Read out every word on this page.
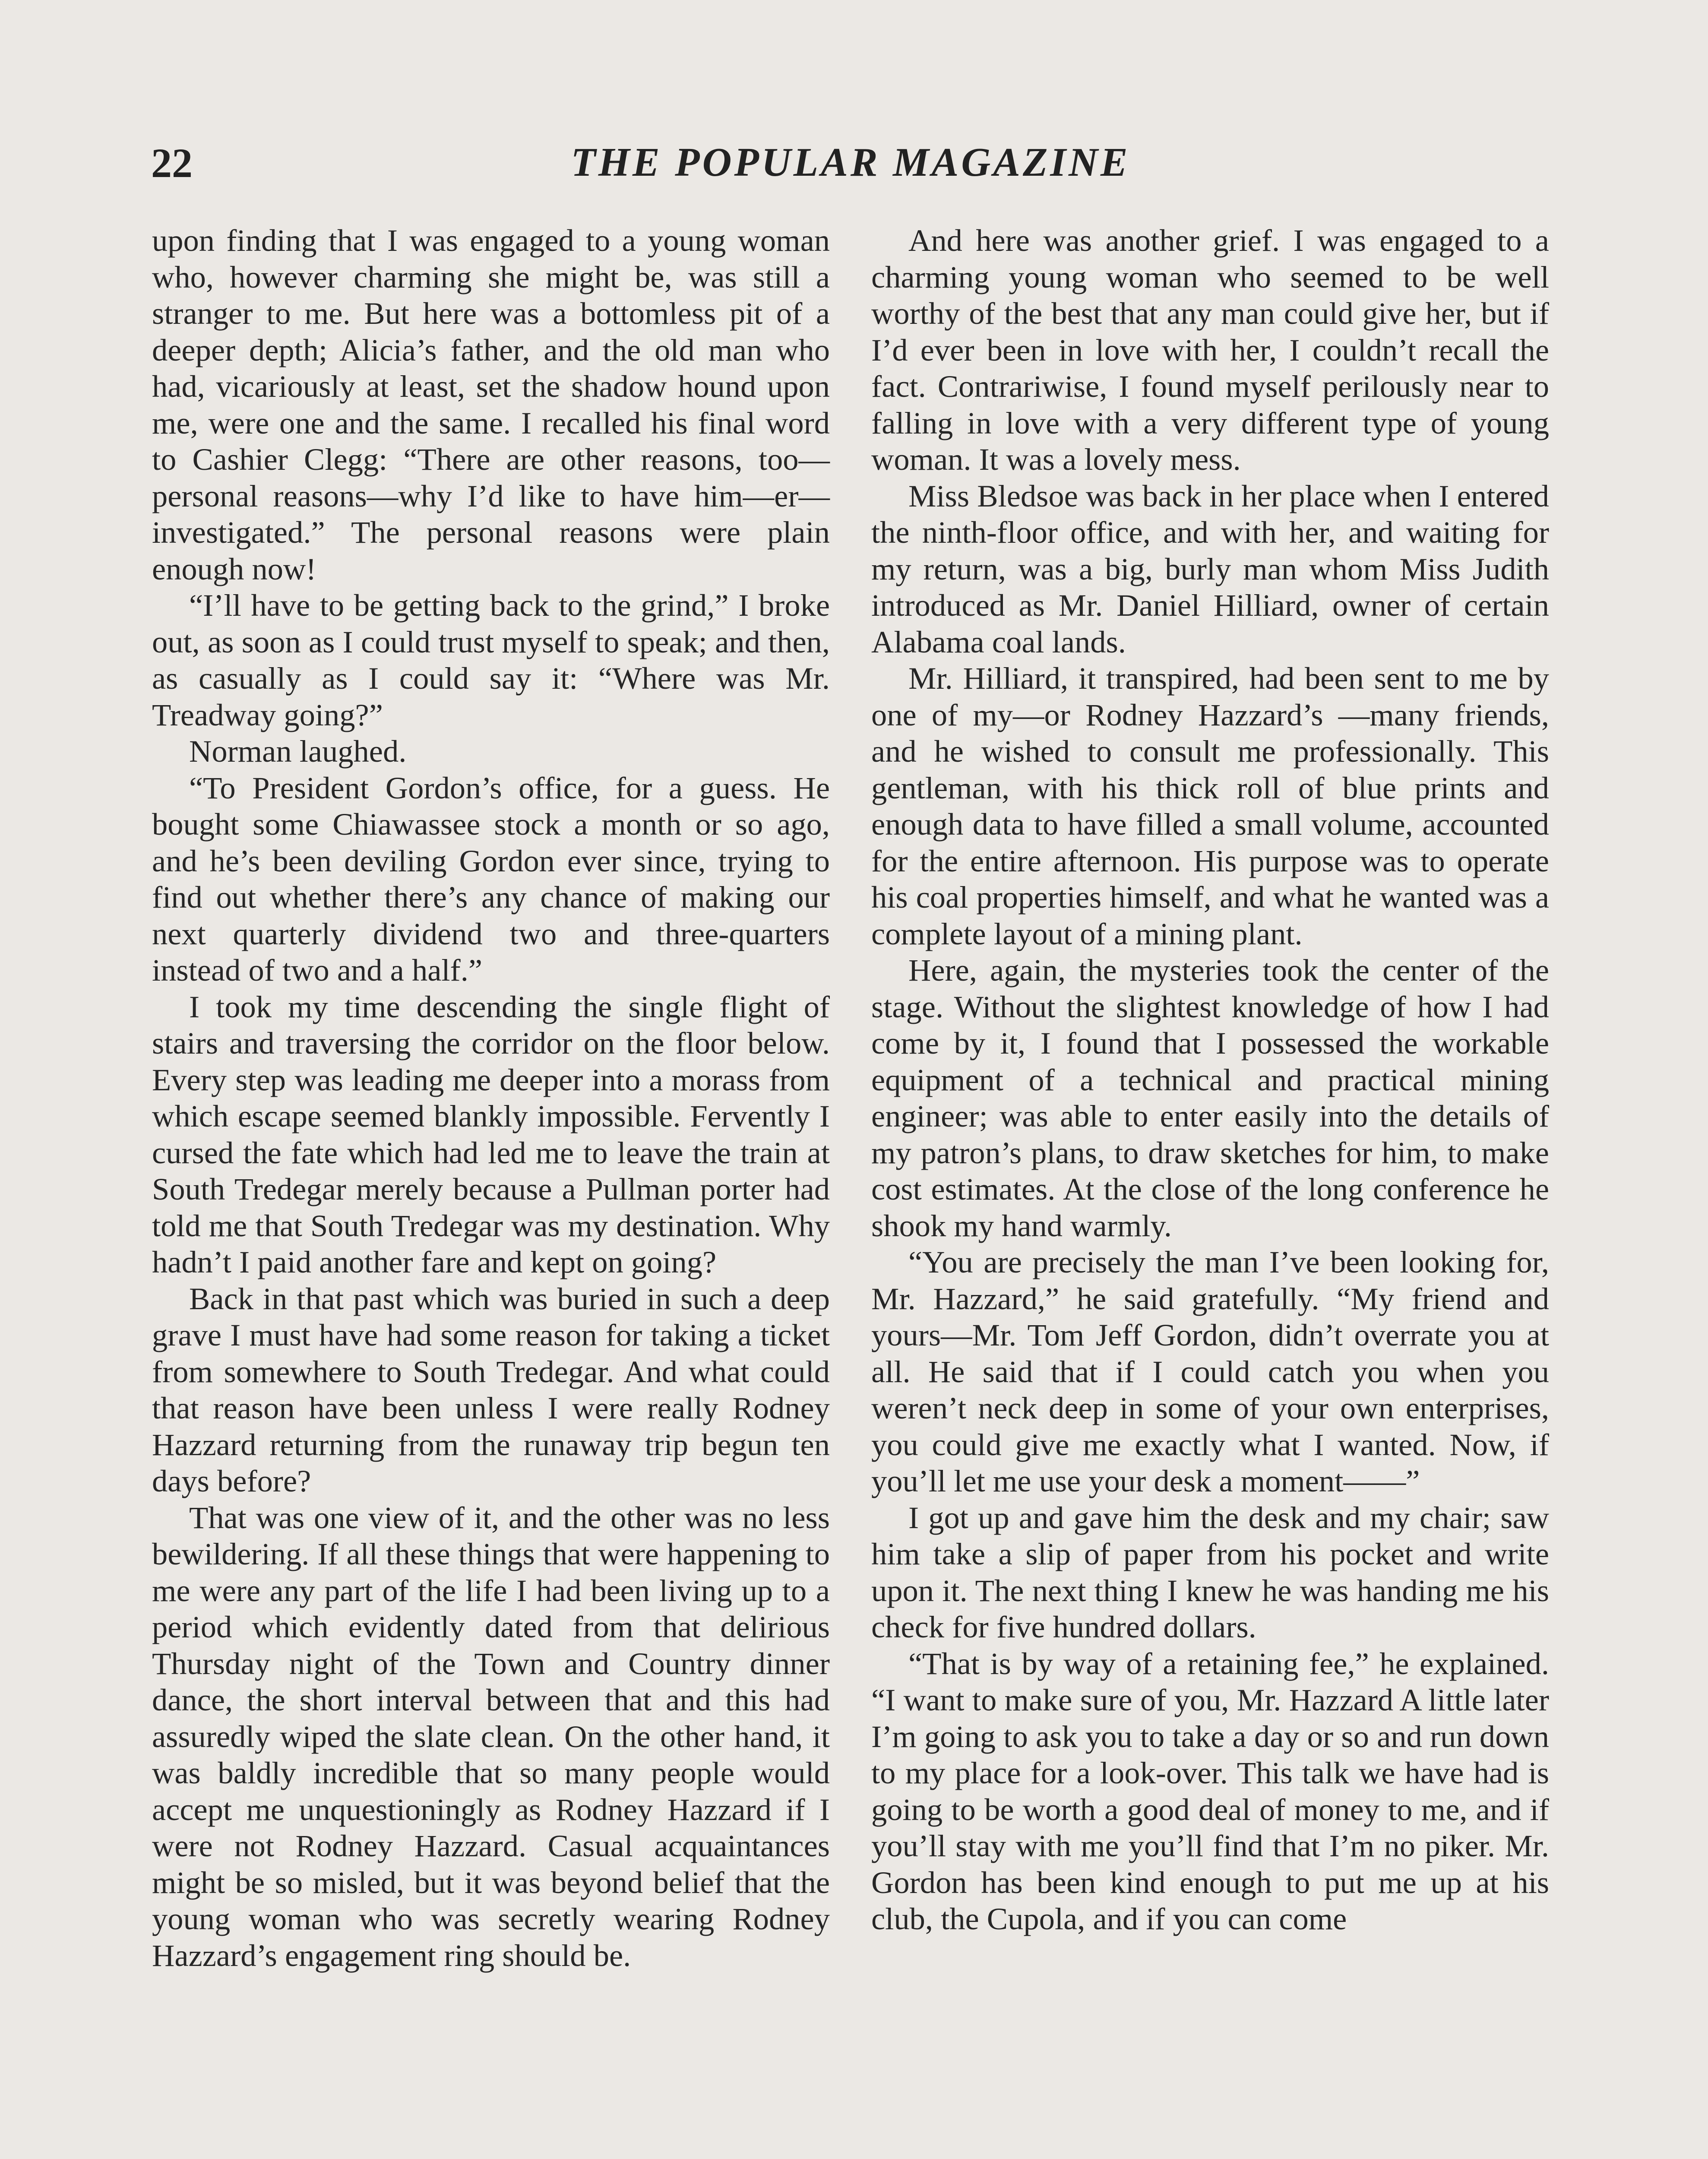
22	THE POPULAR MAGAZINE

upon finding that I was engaged to a young woman who, however charming she might be, was still a stranger to me. But here was a bottomless pit of a deeper depth; Alicia’s father, and the old man who had, vicariously at least, set the shadow hound upon me, were one and the same. I recalled his final word to Cashier Clegg: “There are other reasons, too—personal reasons—why I’d like to have him—er—investigated.” The personal reasons were plain enough now!

“I’ll have to be getting back to the grind,” I broke out, as soon as I could trust myself to speak; and then, as casually as I could say it: “Where was Mr. Treadway going?”

Norman laughed.

“To President Gordon’s office, for a guess. He bought some Chiawassee stock a month or so ago, and he’s been deviling Gordon ever since, trying to find out whether there’s any chance of making our next quarterly dividend two and three-quarters instead of two and a half.”

I took my time descending the single flight of stairs and traversing the corridor on the floor below. Every step was leading me deeper into a morass from which escape seemed blankly impossible. Fervently I cursed the fate which had led me to leave the train at South Tredegar merely because a Pullman porter had told me that South Tredegar was my destination. Why hadn’t I paid another fare and kept on going?

Back in that past which was buried in such a deep grave I must have had some reason for taking a ticket from somewhere to South Tredegar. And what could that reason have been unless I were really Rodney Hazzard returning from the runaway trip begun ten days before?

That was one view of it, and the other was no less bewildering. If all these things that were happening to me were any part of the life I had been living up to a period which evidently dated from that delirious Thursday night of the Town and Country dinner dance, the short interval between that and this had assuredly wiped the slate clean. On the other hand, it was baldly incredible that so many people would accept me unquestioningly as Rodney Hazzard if I were not Rodney Hazzard. Casual acquaintances might be so misled, but it was beyond belief that the young woman who was secretly wearing Rodney Hazzard’s engagement ring should be.

And here was another grief. I was engaged to a charming young woman who seemed to be well worthy of the best that any man could give her, but if I’d ever been in love with her, I couldn’t recall the fact. Contrariwise, I found myself perilously near to falling in love with a very different type of young woman. It was a lovely mess.

Miss Bledsoe was back in her place when I entered the ninth-floor office, and with her, and waiting for my return, was a big, burly man whom Miss Judith introduced as Mr. Daniel Hilliard, owner of certain Alabama coal lands.

Mr. Hilliard, it transpired, had been sent to me by one of my—or Rodney Hazzard’s —many friends, and he wished to consult me professionally. This gentleman, with his thick roll of blue prints and enough data to have filled a small volume, accounted for the entire afternoon. His purpose was to operate his coal properties himself, and what he wanted was a complete layout of a mining plant.

Here, again, the mysteries took the center of the stage. Without the slightest knowledge of how I had come by it, I found that I possessed the workable equipment of a technical and practical mining engineer; was able to enter easily into the details of my patron’s plans, to draw sketches for him, to make cost estimates. At the close of the long conference he shook my hand warmly.

“You are precisely the man I’ve been looking for, Mr. Hazzard,” he said gratefully. “My friend and yours—Mr. Tom Jeff Gordon, didn’t overrate you at all. He said that if I could catch you when you weren’t neck deep in some of your own enterprises, you could give me exactly what I wanted. Now, if you’ll let me use your desk a moment——”

I got up and gave him the desk and my chair; saw him take a slip of paper from his pocket and write upon it. The next thing I knew he was handing me his check for five hundred dollars.

“That is by way of a retaining fee,” he explained. “I want to make sure of you, Mr. Hazzard A little later I’m going to ask you to take a day or so and run down to my place for a look-over. This talk we have had is going to be worth a good deal of money to me, and if you’ll stay with me you’ll find that I’m no piker. Mr. Gordon has been kind enough to put me up at his club, the Cupola, and if you can come
